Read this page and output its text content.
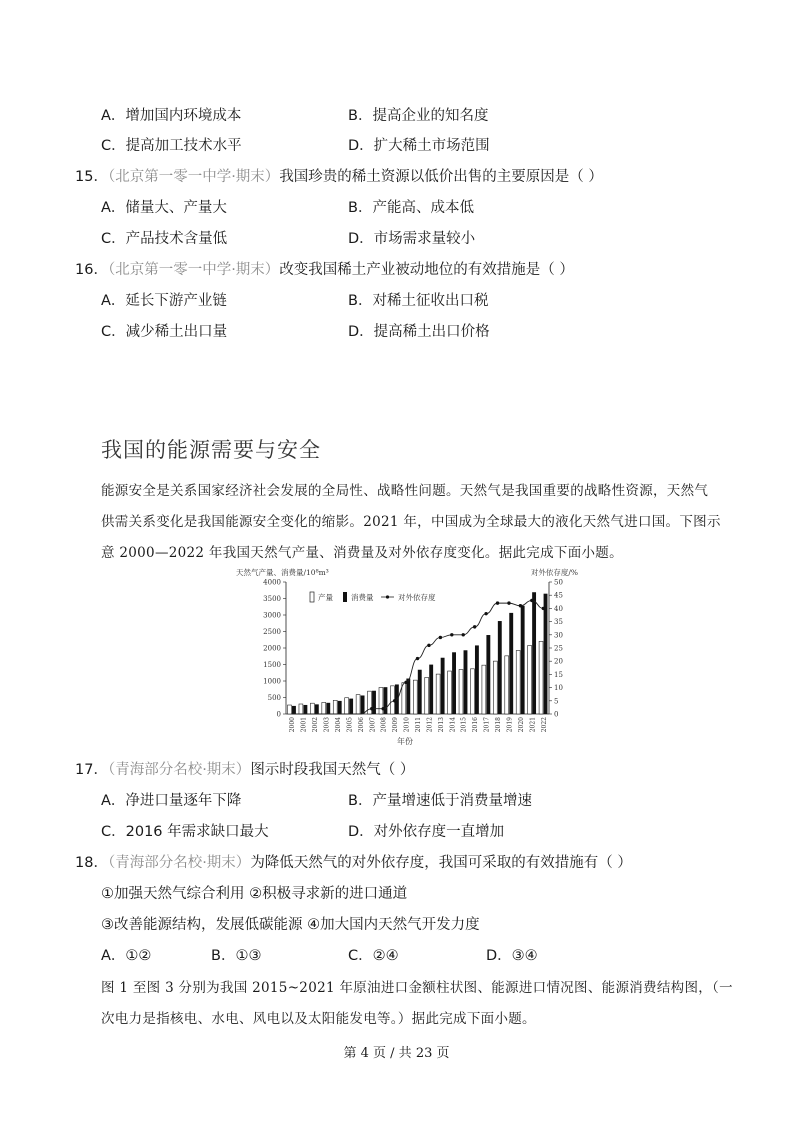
A．增加国内环境成本	B．提高企业的知名度
C．提高加工技术水平	D．扩大稀土市场范围
15．（北京第一零一中学·期末）我国珍贵的稀土资源以低价出售的主要原因是（ ）
A．储量大、产量大	B．产能高、成本低
C．产品技术含量低	D．市场需求量较小
16．（北京第一零一中学·期末）改变我国稀土产业被动地位的有效措施是（ ）
A．延长下游产业链	B．对稀土征收出口税
C．减少稀土出口量	D．提高稀土出口价格
我国的能源需要与安全
能源安全是关系国家经济社会发展的全局性、战略性问题。天然气是我国重要的战略性资源，天然气
供需关系变化是我国能源安全变化的缩影。2021 年，中国成为全球最大的液化天然气进口国。下图示
意 2000—2022 年我国天然气产量、消费量及对外依存度变化。据此完成下面小题。
天然气产量、消费量/10⁸m³	对外依存度/%
年份
产量 消费量	对外依存度
0
500
1000
1500
2000
2500
3000
3500
4000
0
5
10
15
20
25
30
35
40
45
50
2000 2001 2002 2003 2004 2005 2006 2007 2008 2009 2010 2011 2012 2013 2014 2015 2016 2017 2018 2019 2020 2021 2022
17．（青海部分名校·期末）图示时段我国天然气（ ）
A．净进口量逐年下降	B．产量增速低于消费量增速
C．2016 年需求缺口最大	D．对外依存度一直增加
18．（青海部分名校·期末）为降低天然气的对外依存度，我国可采取的有效措施有（ ）
①加强天然气综合利用 ②积极寻求新的进口通道
③改善能源结构，发展低碳能源 ④加大国内天然气开发力度
A．①②	B．①③	C．②④	D．③④
图 1 至图 3 分别为我国 2015~2021 年原油进口金额柱状图、能源进口情况图、能源消费结构图，（一
次电力是指核电、水电、风电以及太阳能发电等。）据此完成下面小题。
第 4 页 / 共 23 页
